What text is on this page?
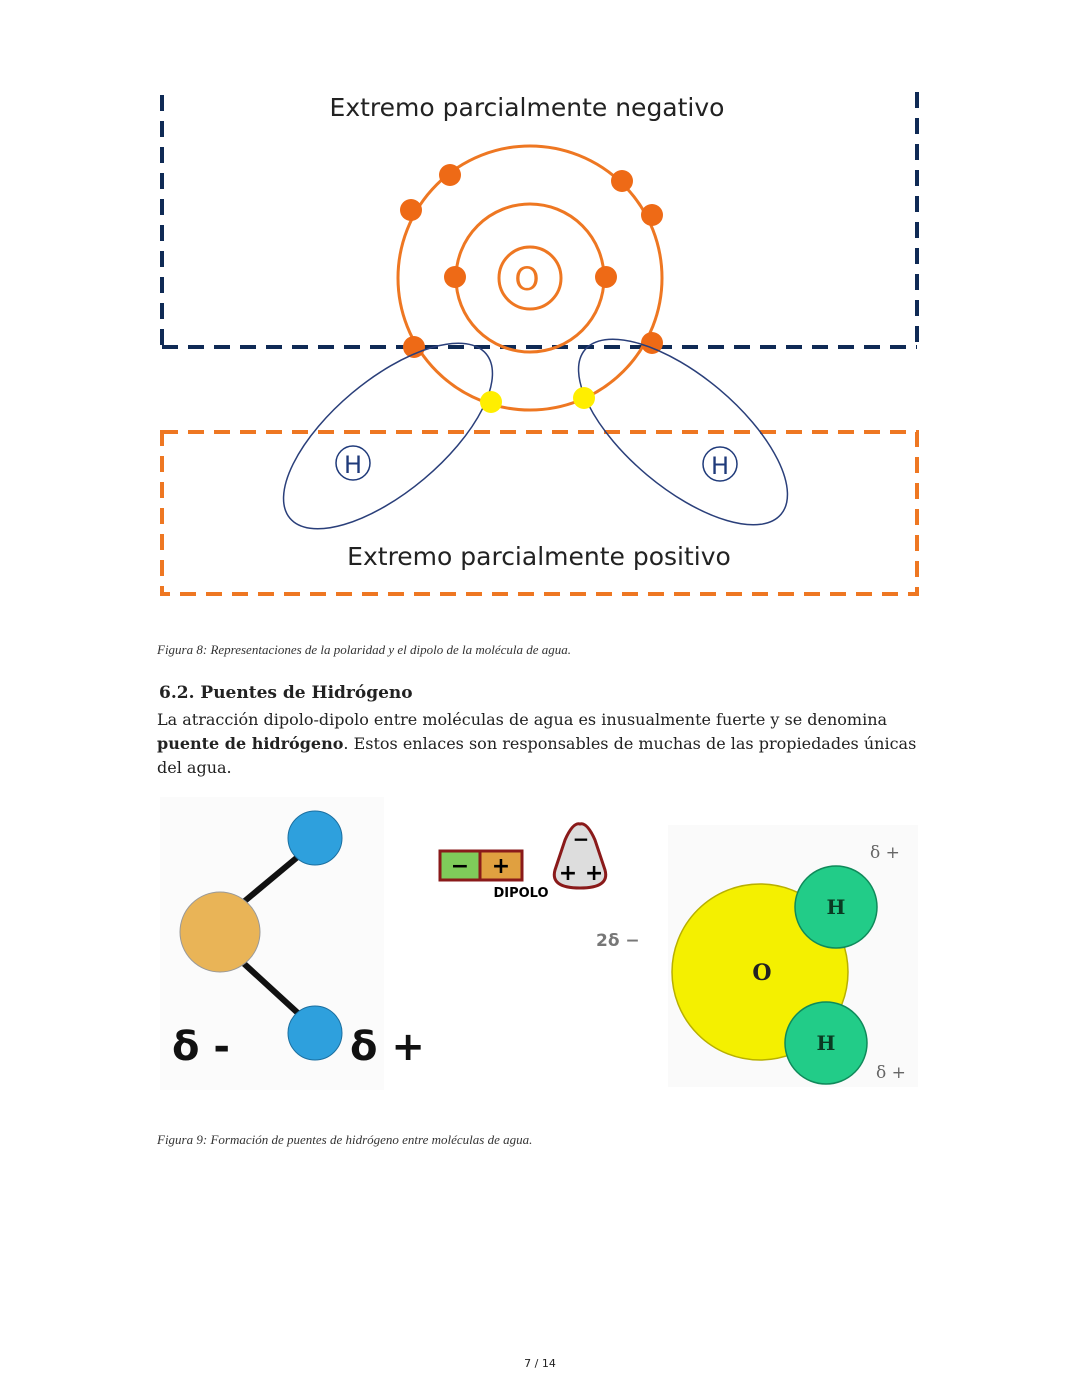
Extremo parcialmente negativo
Extremo parcialmente positivo
O
H	H
δ -	δ +
− +
DIPOLO
−
+ +
2δ −
O
H
H
δ +
δ +
Figura 8: Representaciones de la polaridad y el dipolo de la molécula de agua.
6.2. Puentes de Hidrógeno
La atracción dipolo-dipolo entre moléculas de agua es inusualmente fuerte y se denomina puente de hidrógeno. Estos enlaces son responsables de muchas de las propiedades únicas del agua.
Figura 9: Formación de puentes de hidrógeno entre moléculas de agua.
7 / 14
